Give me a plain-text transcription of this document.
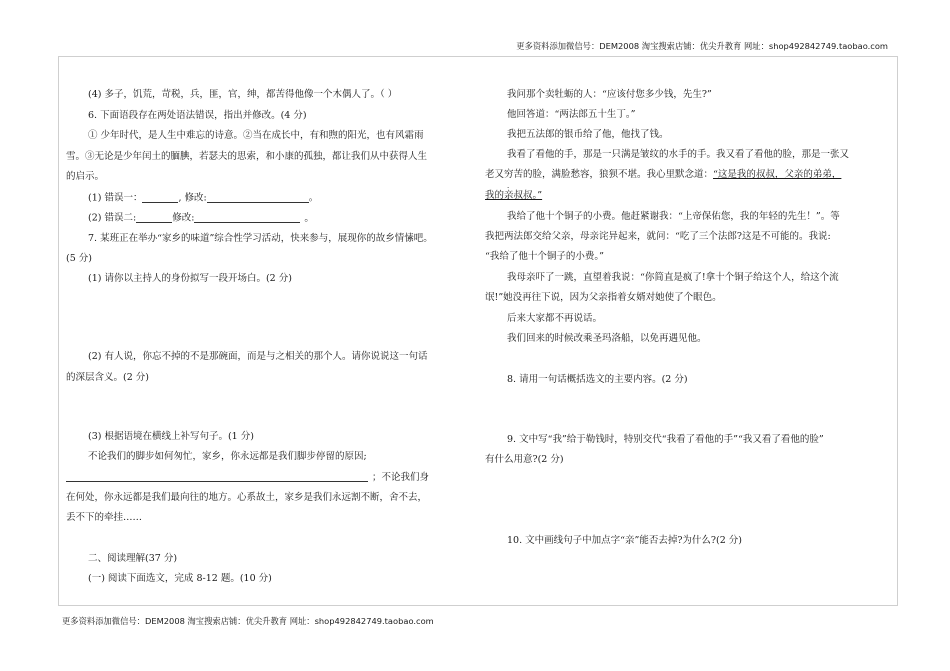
更多资料添加微信号：DEM2008 淘宝搜索店铺：优尖升教育 网址：shop492842749.taobao.com
(4) 多子，饥荒，苛税，兵，匪，官，绅，都苦得他像一个木偶人了。（ ）
6. 下面语段存在两处语法错误，指出并修改。(4 分)
① 少年时代，是人生中难忘的诗意。②当在成长中，有和煦的阳光，也有风霜雨
雪。③无论是少年闰土的腼腆，若瑟夫的思索，和小康的孤独，都让我们从中获得人生
的启示。
(1) 错误一：	, 修改:	。
(2) 错误二:	修改:	。
7. 某班正在举办“家乡的味道”综合性学习活动，快来参与，展现你的故乡情愫吧。
(5 分)
(1) 请你以主持人的身份拟写一段开场白。(2 分)
(2) 有人说，你忘不掉的不是那碗面，而是与之相关的那个人。请你说说这一句话
的深层含义。(2 分)
(3) 根据语境在横线上补写句子。(1 分)
不论我们的脚步如何匆忙，家乡，你永远都是我们脚步停留的原因;
；不论我们身
在何处，你永远都是我们最向往的地方。心系故土，家乡是我们永远割不断，舍不去，
丢不下的牵挂……
二、阅读理解(37 分)
(一) 阅读下面选文，完成 8-12 题。(10 分)
我问那个卖牡蛎的人：“应该付您多少钱，先生?”
他回答道：“两法郎五十生丁。”
我把五法郎的银币给了他，他找了钱。
我看了看他的手，那是一只满是皱纹的水手的手。我又看了看他的脸，那是一张又
老又穷苦的脸，满脸愁容，狼狈不堪。我心里默念道：“这是我的叔叔，父亲的弟弟，
.
我的亲叔叔。”
我给了他十个铜子的小费。他赶紧谢我：“上帝保佑您，我的年轻的先生！”。等
我把两法郎交给父亲，母亲诧异起来，就问：“吃了三个法郎?这是不可能的。我说:
“我给了他十个铜子的小费。”
我母亲吓了一跳，直望着我说：“你简直是疯了!拿十个铜子给这个人，给这个流
氓!”她没再往下说，因为父亲指着女婿对她使了个眼色。
后来大家都不再说话。
我们回来的时候改乘圣玛洛船，以免再遇见他。
8. 请用一句话概括选文的主要内容。(2 分)
9. 文中写“我”给于勒钱时，特别交代“我看了看他的手”“我又看了看他的脸”
有什么用意?(2 分)
10. 文中画线句子中加点字“亲”能否去掉?为什么?(2 分)
更多资料添加微信号：DEM2008 淘宝搜索店铺：优尖升教育 网址：shop492842749.taobao.com
